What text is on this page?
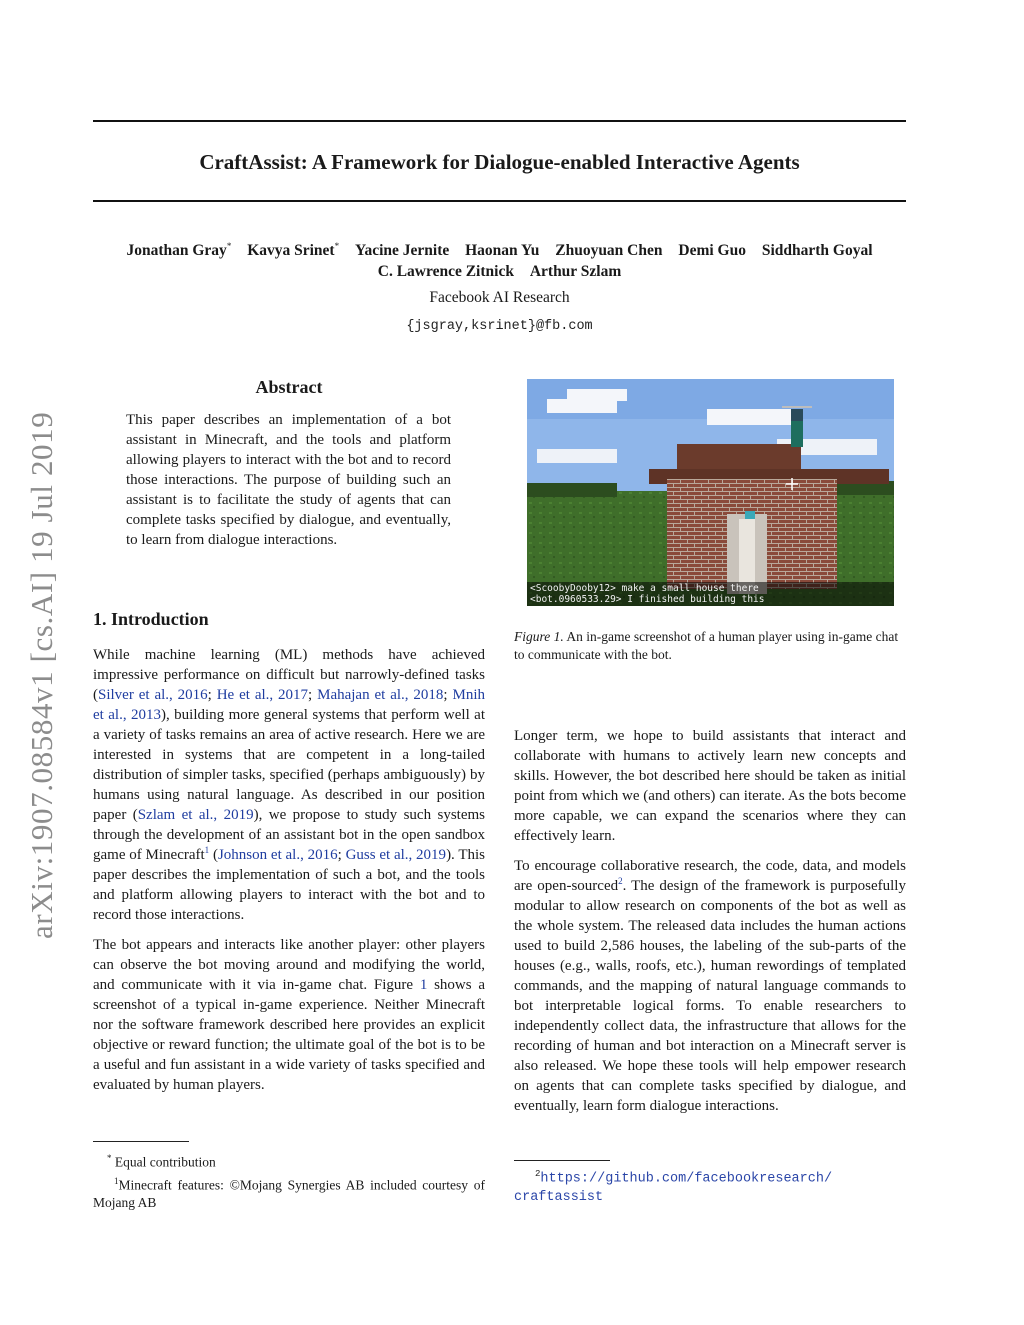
arXiv:1907.08584v1 [cs.AI] 19 Jul 2019
CraftAssist: A Framework for Dialogue-enabled Interactive Agents
Jonathan Gray* Kavya Srinet* Yacine Jernite Haonan Yu Zhuoyuan Chen Demi Guo Siddharth Goyal
C. Lawrence Zitnick Arthur Szlam
Facebook AI Research
{jsgray,ksrinet}@fb.com
Abstract
This paper describes an implementation of a bot assistant in Minecraft, and the tools and platform allowing players to interact with the bot and to record those interactions. The purpose of building such an assistant is to facilitate the study of agents that can complete tasks specified by dialogue, and eventually, to learn from dialogue interactions.
1. Introduction

While machine learning (ML) methods have achieved impressive performance on difficult but narrowly-defined tasks (Silver et al., 2016; He et al., 2017; Mahajan et al., 2018; Mnih et al., 2013), building more general systems that perform well at a variety of tasks remains an area of active research. Here we are interested in systems that are competent in a long-tailed distribution of simpler tasks, specified (perhaps ambiguously) by humans using natural language. As described in our position paper (Szlam et al., 2019), we propose to study such systems through the development of an assistant bot in the open sandbox game of Minecraft$^1$ (Johnson et al., 2016; Guss et al., 2019). This paper describes the implementation of such a bot, and the tools and platform allowing players to interact with the bot and to record those interactions.

The bot appears and interacts like another player: other players can observe the bot moving around and modifying the world, and communicate with it via in-game chat. Figure 1 shows a screenshot of a typical in-game experience. Neither Minecraft nor the software framework described here provides an explicit objective or reward function; the ultimate goal of the bot is to be a useful and fun assistant in a wide variety of tasks specified and evaluated by human players.

* Equal contribution
$^1$Minecraft features: ©Mojang Synergies AB included courtesy of Mojang AB
<ScoobyDooby12> make a small house there
<bot.0960533.29> I finished building this
Figure 1. An in-game screenshot of a human player using in-game chat to communicate with the bot.

Longer term, we hope to build assistants that interact and collaborate with humans to actively learn new concepts and skills. However, the bot described here should be taken as initial point from which we (and others) can iterate. As the bots become more capable, we can expand the scenarios where they can effectively learn.

To encourage collaborative research, the code, data, and models are open-sourced$^2$. The design of the framework is purposefully modular to allow research on components of the bot as well as the whole system. The released data includes the human actions used to build 2,586 houses, the labeling of the sub-parts of the houses (e.g., walls, roofs, etc.), human rewordings of templated commands, and the mapping of natural language commands to bot interpretable logical forms. To enable researchers to independently collect data, the infrastructure that allows for the recording of human and bot interaction on a Minecraft server is also released. We hope these tools will help empower research on agents that can complete tasks specified by dialogue, and eventually, learn form dialogue interactions.

$^2$https://github.com/facebookresearch/
craftassist
